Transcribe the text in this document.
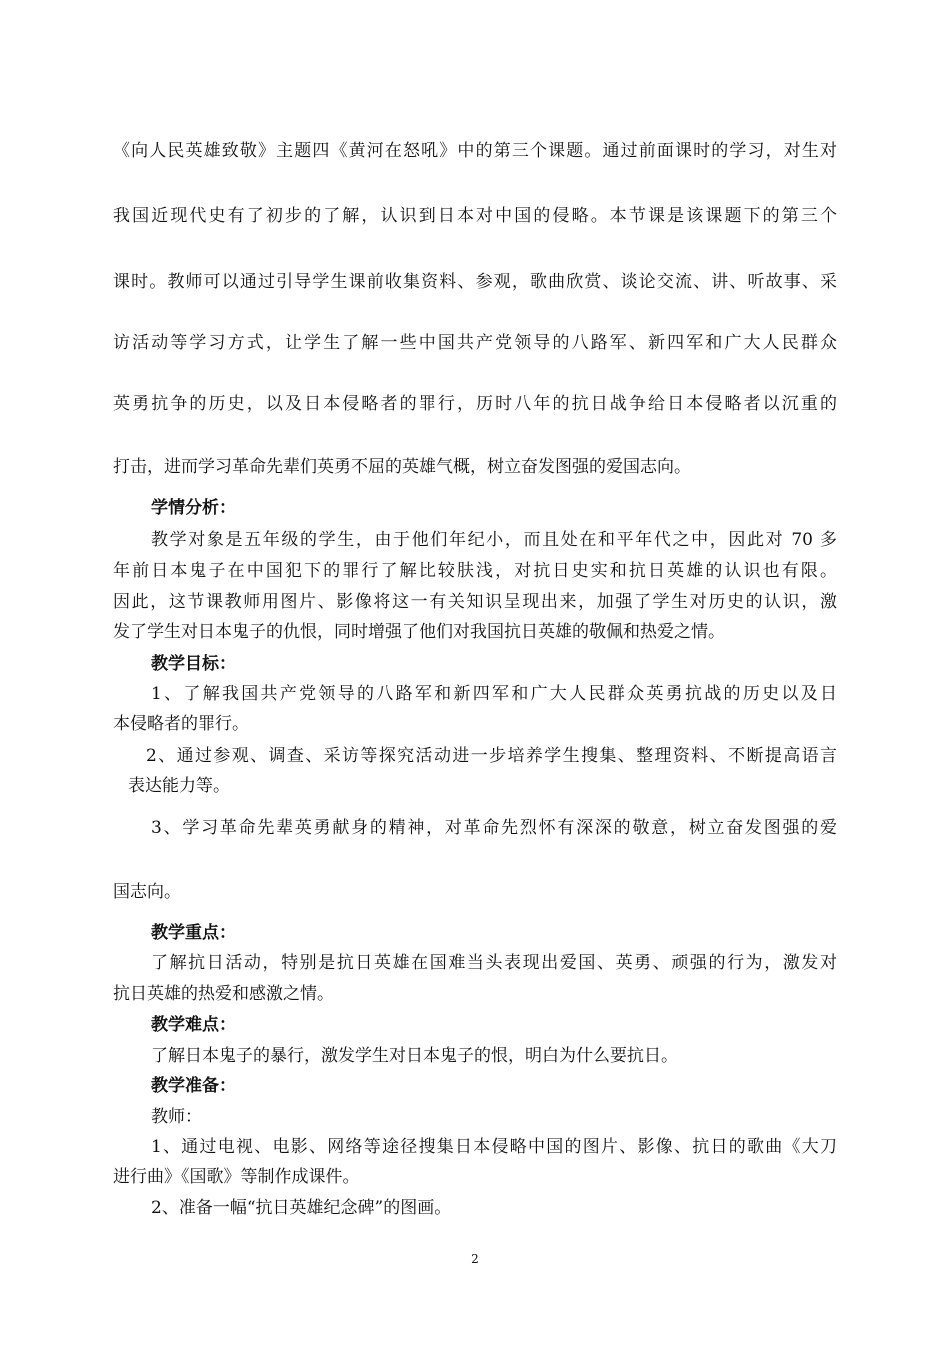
《向人民英雄致敬》主题四《黄河在怒吼》中的第三个课题。通过前面课时的学习，对生对
我国近现代史有了初步的了解，认识到日本对中国的侵略。本节课是该课题下的第三个
课时。教师可以通过引导学生课前收集资料、参观，歌曲欣赏、谈论交流、讲、听故事、采
访活动等学习方式，让学生了解一些中国共产党领导的八路军、新四军和广大人民群众
英勇抗争的历史，以及日本侵略者的罪行，历时八年的抗日战争给日本侵略者以沉重的
打击，进而学习革命先辈们英勇不屈的英雄气概，树立奋发图强的爱国志向。
学情分析：
教学对象是五年级的学生，由于他们年纪小，而且处在和平年代之中，因此对 70 多
年前日本鬼子在中国犯下的罪行了解比较肤浅，对抗日史实和抗日英雄的认识也有限。
因此，这节课教师用图片、影像将这一有关知识呈现出来，加强了学生对历史的认识，激
发了学生对日本鬼子的仇恨，同时增强了他们对我国抗日英雄的敬佩和热爱之情。
教学目标：
1、了解我国共产党领导的八路军和新四军和广大人民群众英勇抗战的历史以及日
本侵略者的罪行。
2、通过参观、调查、采访等探究活动进一步培养学生搜集、整理资料、不断提高语言
表达能力等。
3、学习革命先辈英勇献身的精神，对革命先烈怀有深深的敬意，树立奋发图强的爱
国志向。
教学重点：
了解抗日活动，特别是抗日英雄在国难当头表现出爱国、英勇、顽强的行为，激发对
抗日英雄的热爱和感激之情。
教学难点：
了解日本鬼子的暴行，激发学生对日本鬼子的恨，明白为什么要抗日。
教学准备：
教师：
1、通过电视、电影、网络等途径搜集日本侵略中国的图片、影像、抗日的歌曲《大刀
进行曲》《国歌》等制作成课件。
2、准备一幅“抗日英雄纪念碑”的图画。
2
